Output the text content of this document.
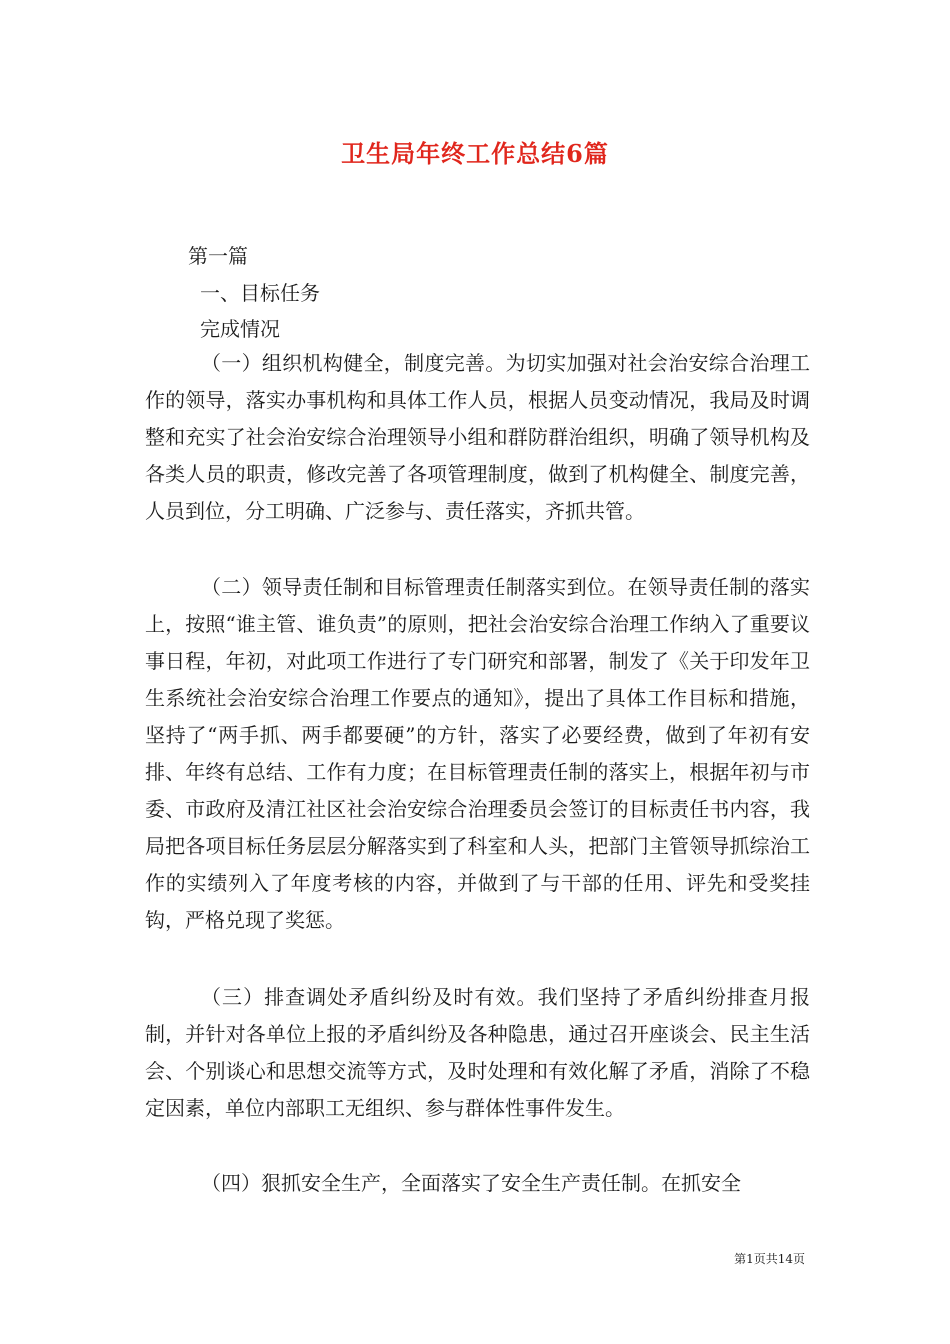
卫生局年终工作总结6篇
第一篇
一、目标任务
完成情况

（一）组织机构健全，制度完善。为切实加强对社会治安综合治理工作的领导，落实办事机构和具体工作人员，根据人员变动情况，我局及时调整和充实了社会治安综合治理领导小组和群防群治组织，明确了领导机构及各类人员的职责，修改完善了各项管理制度，做到了机构健全、制度完善，人员到位，分工明确、广泛参与、责任落实，齐抓共管。

（二）领导责任制和目标管理责任制落实到位。在领导责任制的落实上，按照“谁主管、谁负责”的原则，把社会治安综合治理工作纳入了重要议事日程，年初，对此项工作进行了专门研究和部署，制发了《关于印发年卫生系统社会治安综合治理工作要点的通知》，提出了具体工作目标和措施，坚持了“两手抓、两手都要硬”的方针，落实了必要经费，做到了年初有安排、年终有总结、工作有力度；在目标管理责任制的落实上，根据年初与市委、市政府及清江社区社会治安综合治理委员会签订的目标责任书内容，我局把各项目标任务层层分解落实到了科室和人头，把部门主管领导抓综治工作的实绩列入了年度考核的内容，并做到了与干部的任用、评先和受奖挂钩，严格兑现了奖惩。

（三）排查调处矛盾纠纷及时有效。我们坚持了矛盾纠纷排查月报制，并针对各单位上报的矛盾纠纷及各种隐患，通过召开座谈会、民主生活会、个别谈心和思想交流等方式，及时处理和有效化解了矛盾，消除了不稳定因素，单位内部职工无组织、参与群体性事件发生。

（四）狠抓安全生产，全面落实了安全生产责任制。在抓安全

第1页共14页
